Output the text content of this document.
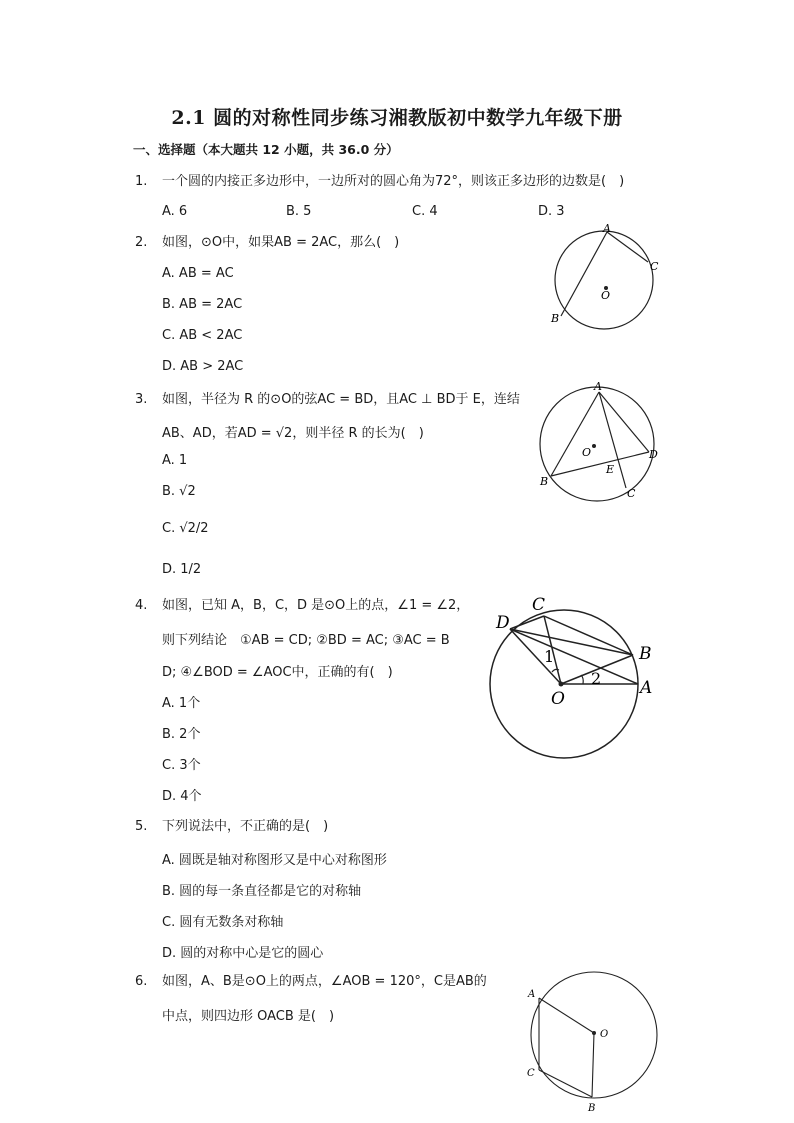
2.1 圆的对称性同步练习湘教版初中数学九年级下册
一、选择题（本大题共 12 小题，共 36.0 分）
1. 一个圆的内接正多边形中，一边所对的圆心角为72°，则该正多边形的边数是( )
A. 6	B. 5	C. 4	D. 3
2. 如图，⊙O中，如果AB = 2AC，那么( )
A. AB = AC
B. AB = 2AC
C. AB < 2AC
D. AB > 2AC
A
B
C
O
3. 如图，半径为 R 的⊙O的弦AC = BD，且AC ⊥ BD于 E，连结
AB、AD，若AD = √2，则半径 R 的长为( )
A. 1
B. √2
C. √2/2
D. 1/2
A
B
C
D
E
O
4. 如图，已知 A，B，C，D 是⊙O上的点，∠1 = ∠2，
则下列结论 ①AB = CD; ②BD = AC; ③AC = B
D; ④∠BOD = ∠AOC中，正确的有( )
A. 1个
B. 2个
C. 3个
D. 4个
A
B
C
D
O
1
2
5. 下列说法中，不正确的是( )
A. 圆既是轴对称图形又是中心对称图形
B. 圆的每一条直径都是它的对称轴
C. 圆有无数条对称轴
D. 圆的对称中心是它的圆心
6. 如图，A、B是⊙O上的两点，∠AOB = 120°，C是AB的
中点，则四边形 OACB 是( )
A
B
C
O
